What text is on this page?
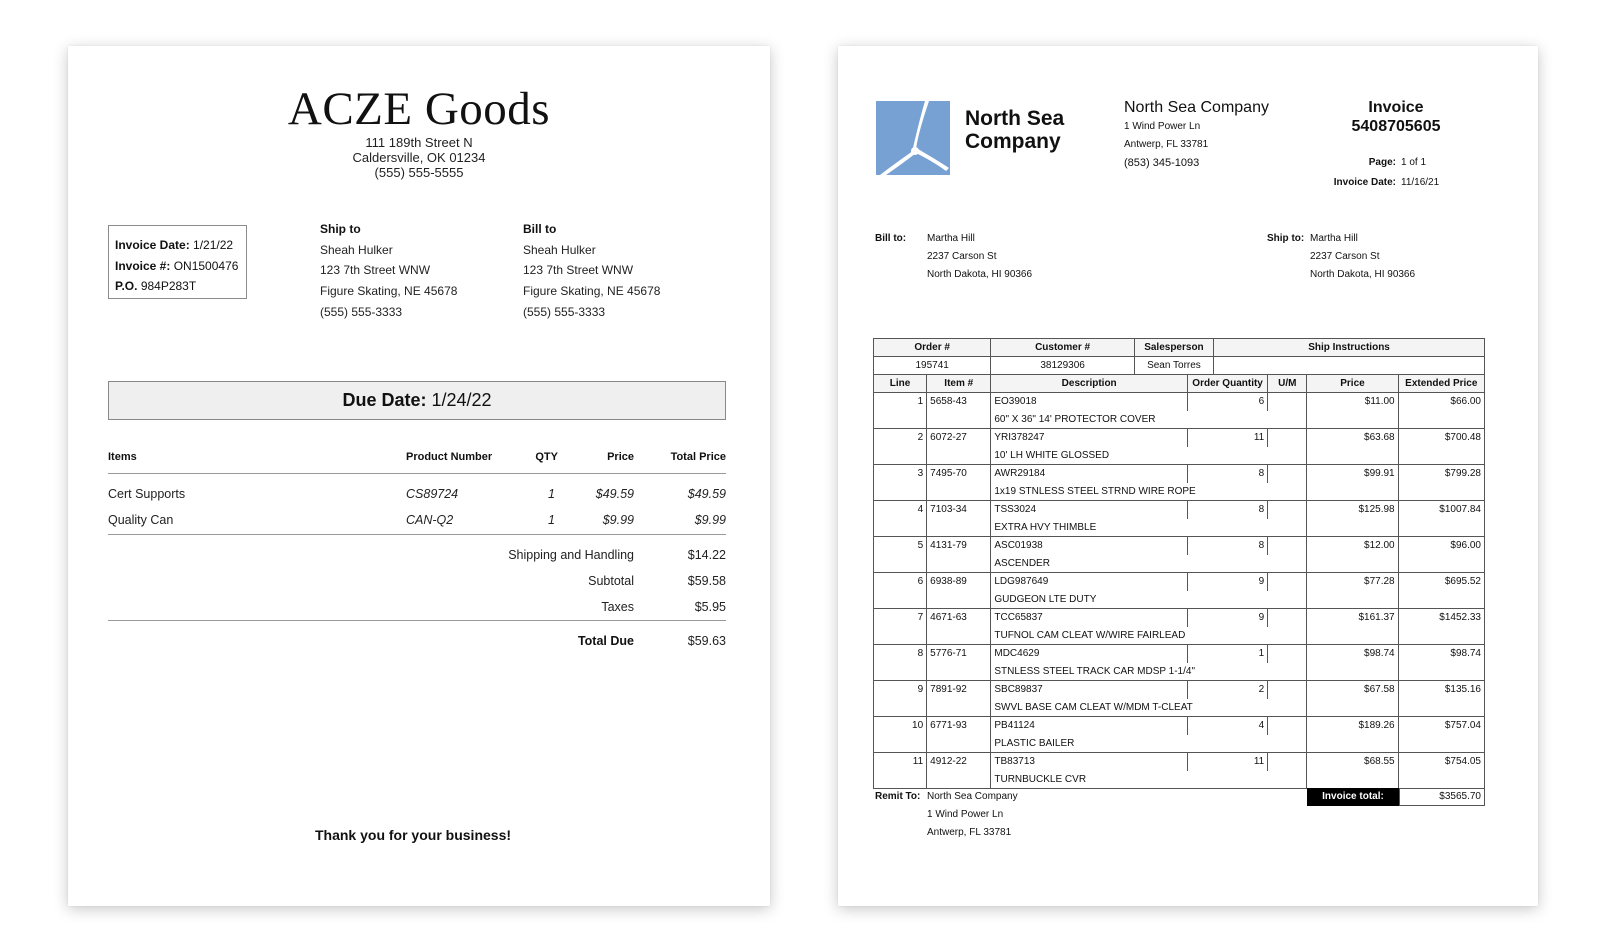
ACZE Goods
111 189th Street N
Caldersville, OK 01234
(555) 555-5555
Invoice Date: 1/21/22
Invoice #: ON1500476
P.O. 984P283T
Ship to
Sheah Hulker
123 7th Street WNW
Figure Skating, NE 45678
(555) 555-3333
Bill to
Sheah Hulker
123 7th Street WNW
Figure Skating, NE 45678
(555) 555-3333
Due Date: 1/24/22
Items	Product Number	QTY	Price	Total Price
Cert Supports	CS89724	1	$49.59	$49.59
Quality Can	CAN-Q2	1	$9.99	$9.99
Shipping and Handling	$14.22
Subtotal	$59.58
Taxes	$5.95
Total Due	$59.63
Thank you for your business!
North Sea
Company
North Sea Company
1 Wind Power Ln
Antwerp, FL 33781
(853) 345-1093
Invoice
5408705605
Page: 1 of 1
Invoice Date: 11/16/21
Bill to: Martha Hill
2237 Carson St
North Dakota, HI 90366
Ship to: Martha Hill
2237 Carson St
North Dakota, HI 90366
Order #		Customer #	Salesperson		Ship Instructions			
195741		38129306	Sean Torres					
Line	Item #	Description		Order Quantity		U/M	Price	Extended Price
1	5658-43	EO39018		6			$11.00	$66.00
		60" X 36" 14' PROTECTOR COVER						
2	6072-27	YRI378247		11			$63.68	$700.48
		10' LH WHITE GLOSSED						
3	7495-70	AWR29184		8			$99.91	$799.28
		1x19 STNLESS STEEL STRND WIRE ROPE						
4	7103-34	TSS3024		8			$125.98	$1007.84
		EXTRA HVY THIMBLE						
5	4131-79	ASC01938		8			$12.00	$96.00
		ASCENDER						
6	6938-89	LDG987649		9			$77.28	$695.52
		GUDGEON LTE DUTY						
7	4671-63	TCC65837		9			$161.37	$1452.33
		TUFNOL CAM CLEAT W/WIRE FAIRLEAD						
8	5776-71	MDC4629		1			$98.74	$98.74
		STNLESS STEEL TRACK CAR MDSP 1-1/4"						
9	7891-92	SBC89837		2			$67.58	$135.16
		SWVL BASE CAM CLEAT W/MDM T-CLEAT						
10	6771-93	PB41124		4			$189.26	$757.04
		PLASTIC BAILER						
11	4912-22	TB83713		11			$68.55	$754.05
		TURNBUCKLE CVR						
Remit To: North Sea Company
1 Wind Power Ln
Antwerp, FL 33781
Invoice total:	$3565.70
